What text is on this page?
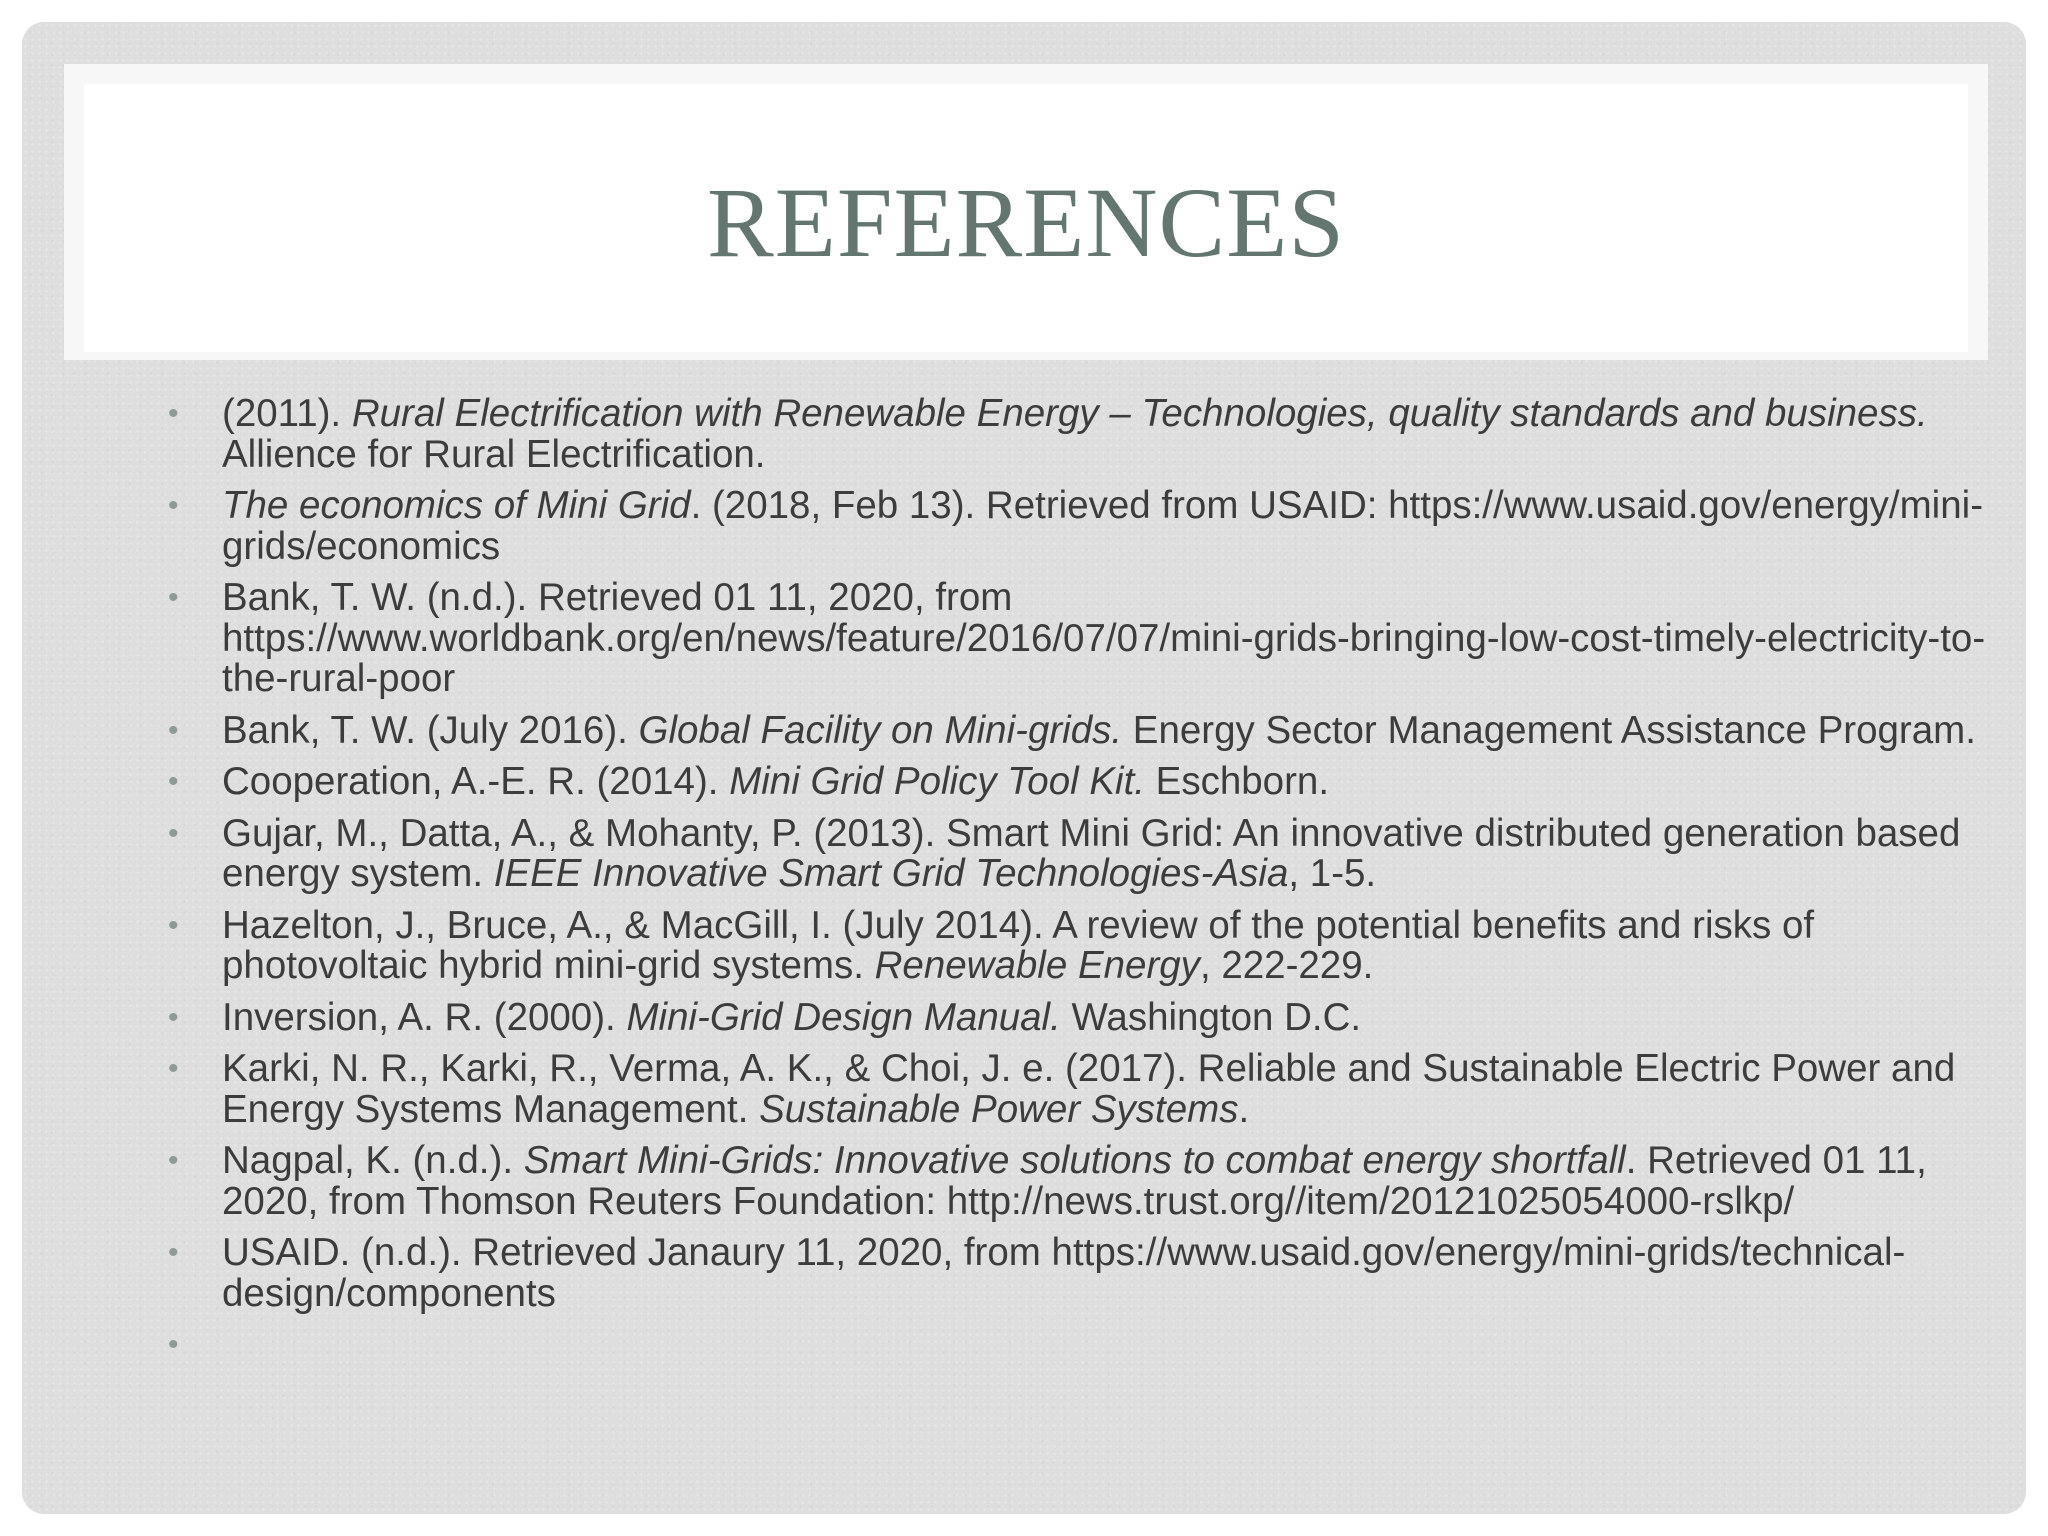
REFERENCES
• (2011). Rural Electrification with Renewable Energy – Technologies, quality standards and business. Allience for Rural Electrification.
• The economics of Mini Grid. (2018, Feb 13). Retrieved from USAID: https://www.usaid.gov/energy/mini-grids/economics
• Bank, T. W. (n.d.). Retrieved 01 11, 2020, from https://www.worldbank.org/en/news/feature/2016/07/07/mini-grids-bringing-low-cost-timely-electricity-to-the-rural-poor
• Bank, T. W. (July 2016). Global Facility on Mini-grids. Energy Sector Management Assistance Program.
• Cooperation, A.-E. R. (2014). Mini Grid Policy Tool Kit. Eschborn.
• Gujar, M., Datta, A., & Mohanty, P. (2013). Smart Mini Grid: An innovative distributed generation based energy system. IEEE Innovative Smart Grid Technologies-Asia, 1-5.
• Hazelton, J., Bruce, A., & MacGill, I. (July 2014). A review of the potential benefits and risks of photovoltaic hybrid mini-grid systems. Renewable Energy, 222-229.
• Inversion, A. R. (2000). Mini-Grid Design Manual. Washington D.C.
• Karki, N. R., Karki, R., Verma, A. K., & Choi, J. e. (2017). Reliable and Sustainable Electric Power and Energy Systems Management. Sustainable Power Systems.
• Nagpal, K. (n.d.). Smart Mini-Grids: Innovative solutions to combat energy shortfall. Retrieved 01 11, 2020, from Thomson Reuters Foundation: http://news.trust.org//item/20121025054000-rslkp/
• USAID. (n.d.). Retrieved Janaury 11, 2020, from https://www.usaid.gov/energy/mini-grids/technical-design/components
•
